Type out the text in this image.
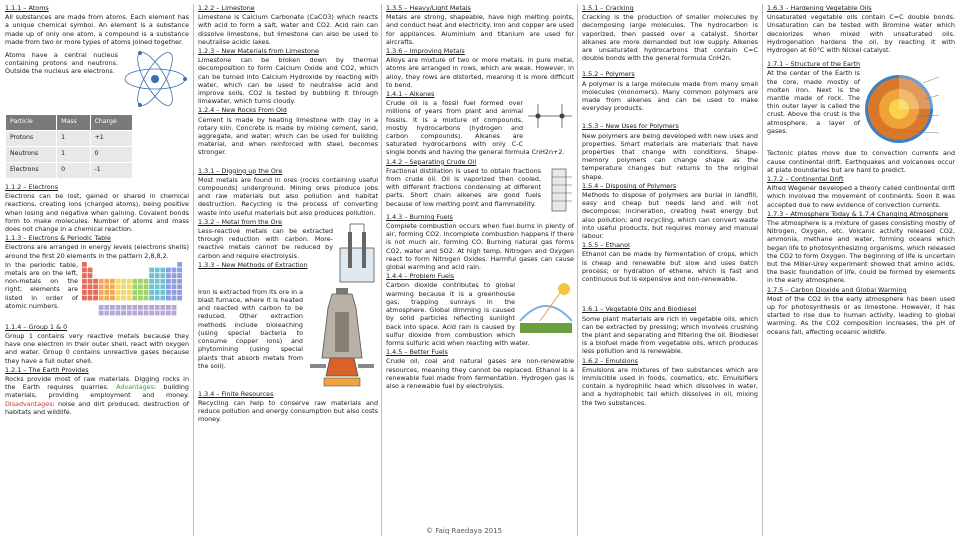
1.1.1 – Atoms

All substances are made from atoms. Each element has a unique chemical symbol. An element is a substance made up of only one atom, a compound is a substance made from two or more types of atoms joined together.

Atoms have a central nucleus containing protons and neutrons. Outside the nucleus are electrons.

Particle	Mass	Charge
Protons	1	+1
Neutrons	1	0
Electrons	0	-1

1.1.2 – Electrons

Electrons can be lost, gained or shared in chemical reactions, creating ions (charged atoms), being positive when losing and negative when gaining. Covalent bonds form to make molecules. Number of atoms and mass does not change in a chemical reaction.

1.1.3 – Electrons & Periodic Table

Electrons are arranged in energy levels (electrons shells) around the first 20 elements in the pattern 2,8,8,2.

In the periodic table, metals are on the left, non-metals on the right; elements are listed in order of atomic numbers.

1.1.4 – Group 1 & 0

Group 1 contains very reactive metals because they have one electron in their outer shell, react with oxygen and water. Group 0 contains unreactive gases because they have a full outer shell.

1.2.1 – The Earth Provides

Rocks provide most of raw materials. Digging rocks in the Earth requires quarries. Advantages: building materials, providing employment and money. Disadvantages: noise and dirt produced, destruction of habitats and wildlife.

1.2.2 – Limestone

Limestone is Calcium Carbonate (CaCO3) which reacts with acid to form a salt, water and CO2. Acid rain can dissolve limestone, but limestone can also be used to neutralise acidic lakes.

1.2.3 – New Materials from Limestone

Limestone can be broken down by thermal decomposition to form Calcium Oxide and CO2, which can be turned into Calcium Hydroxide by reacting with water, which can be used to neutralise acid and improve soils. CO2 is tested by bubbling it through limewater, which turns cloudy.

1.2.4 – New Rocks From Old

Cement is made by heating limestone with clay in a rotary kiln. Concrete is made by mixing cement, sand, aggregate, and water; which can be used for building material, and when reinforced with steel, becomes stronger.

1.3.1 – Digging up the Ore

Most metals are found in ores (rocks containing useful compounds) underground. Mining ores produce jobs and raw materials but also pollution and habitat destruction. Recycling is the process of converting waste into useful materials but also produces pollution.

1.3.2 – Metal from the Ore

Less-reactive metals can be extracted through reduction with carbon. More-reactive metals cannot be reduced by carbon and require electrolysis.

1.3.3 – New Methods of Extraction

Iron is extracted from its ore in a blast furnace, where it is heated and reacted with carbon to be reduced. Other extraction methods include bioleaching (using special bacteria to consume copper ions) and phytomining (using special plants that absorb metals from the soil).

1.3.4 – Finite Resources

Recycling can help to conserve raw materials and reduce pollution and energy consumption but also costs money.

1.3.5 – Heavy/Light Metals

Metals are strong, shapeable, have high melting points, and conduct heat and electricity. Iron and copper are used for appliances. Aluminium and titanium are used for aircrafts.

1.3.6 – Improving Metals

Alloys are mixture of two or more metals. In pure metal, atoms are arranged in rows, which are weak. However, in alloy, they rows are distorted, meaning it is more difficult to bend.

1.4.1 – Alkanes

Crude oil is a fossil fuel formed over millions of years from plant and animal fossils. It is a mixture of compounds, mostly hydrocarbons (hydrogen and carbon compounds). Alkanes are saturated hydrocarbons with only C-C single bonds and having the general formula CnH2n+2.

1.4.2 – Separating Crude Oil

Fractional distillation is used to obtain fractions from crude oil. Oil is vaporized then cooled, with different fractions condensing at different parts. Short chain alkenes are good fuels because of low melting point and flammability.

1.4.3 – Burning Fuels

Complete combustion occurs when fuel burns in plenty of air, forming CO2. Incomplete combustion happens if there is not much air, forming CO. Burning natural gas forms CO2, water and SO2. At high temp, Nitrogen and Oxygen react to form Nitrogen Oxides. Harmful gases can cause global warming and acid rain.

1.4.4 – Problem Fuels

Carbon dioxide contributes to global warming because it is a greenhouse gas, trapping sunrays in the atmosphere. Global dimming is caused by solid particles reflecting sunlight back into space. Acid rain is caused by sulfur dioxide from combustion which forms sulfuric acid when reacting with water.

1.4.5 – Better Fuels

Crude oil, coal and natural gases are non-renewable resources, meaning they cannot be replaced. Ethanol is a renewable fuel made from fermentation. Hydrogen gas is also a renewable fuel by electrolysis.

1.5.1 – Cracking

Cracking is the production of smaller molecules by decomposing large molecules. The hydrocarbon is vaporized, then passed over a catalyst. Shorter alkanes are more demanded but low supply. Alkenes are unsaturated hydrocarbons that contain C=C double bonds with the general formula CnH2n.

1.5.2 – Polymers

A polymer is a large molecule made from many small molecules (monomers). Many common polymers are made from alkenes and can be used to make everyday products.

1.5.3 – New Uses for Polymers

New polymers are being developed with new uses and properties. Smart materials are materials that have properties that change with conditions. Shape-memory polymers can change shape as the temperature changes but returns to the original shape.

1.5.4 – Disposing of Polymers

Methods to dispose of polymers are burial in landfill, easy and cheap but needs land and will not decompose; incineration, creating heat energy but also pollution; and recycling, which can convert waste into useful products, but requires money and manual labour.

1.5.5 – Ethanol

Ethanol can be made by fermentation of crops, which is cheap and renewable but slow and uses batch process; or hydration of ethene, which is fast and continuous but is expensive and non-renewable.

1.6.1 – Vegetable Oils and Biodiesel

Some plant materials are rich in vegetable oils, which can be extracted by pressing; which involves crushing the plant and separating and filtering the oil. Biodiesel is a biofuel made from vegetable oils, which produces less pollution and is renewable.

1.6.2 – Emulsions

Emulsions are mixtures of two substances which are immiscible used in foods, cosmetics, etc. Emulsifiers contain a hydrophilic head which dissolves in water, and a hydrophobic tail which dissolves in oil, mixing the two substances.

1.6.3 – Hardening Vegetable Oils

Unsaturated vegetable oils contain C=C double bonds. Unsaturation can be tested with Bromine water which decolorizes when mixed with unsaturated oils. Hydrogenation hardens the oil, by reacting it with Hydrogen at 60°C with Nickel catalyst.

1.7.1 – Structure of the Earth

At the center of the Earth is the core, made mostly of molten iron. Next is the mantle made of rock. The thin outer layer is called the crust. Above the crust is the atmosphere, a layer of gases.

Tectonic plates move due to convection currents and cause continental drift. Earthquakes and volcanoes occur at plate boundaries but are hard to predict.

1.7.2 – Continental Drift

Alfred Wegener developed a theory called continental drift which involved the movement of continents. Soon it was accepted due to new evidence of convection currents.

1.7.3 – Atmosphere Today & 1.7.4 Changing Atmosphere

The atmosphere is a mixture of gases consisting mostly of Nitrogen, Oxygen, etc. Volcanic activity released CO2, ammonia, methane and water, forming oceans which began life to photosynthesizing organisms, which released the CO2 to form Oxygen. The beginning of life is uncertain but the Miller-Urey experiment showed that amino acids, the basic foundation of life, could be formed by elements in the early atmosphere.

1.7.5 – Carbon Dioxide and Global Warming

Most of the CO2 in the early atmosphere has been used up for photosynthesis or as limestone. However, it has started to rise due to human activity, leading to global warming. As the CO2 composition increases, the pH of oceans fall, affecting oceanic wildlife.

© Faiq Raedaya 2015
